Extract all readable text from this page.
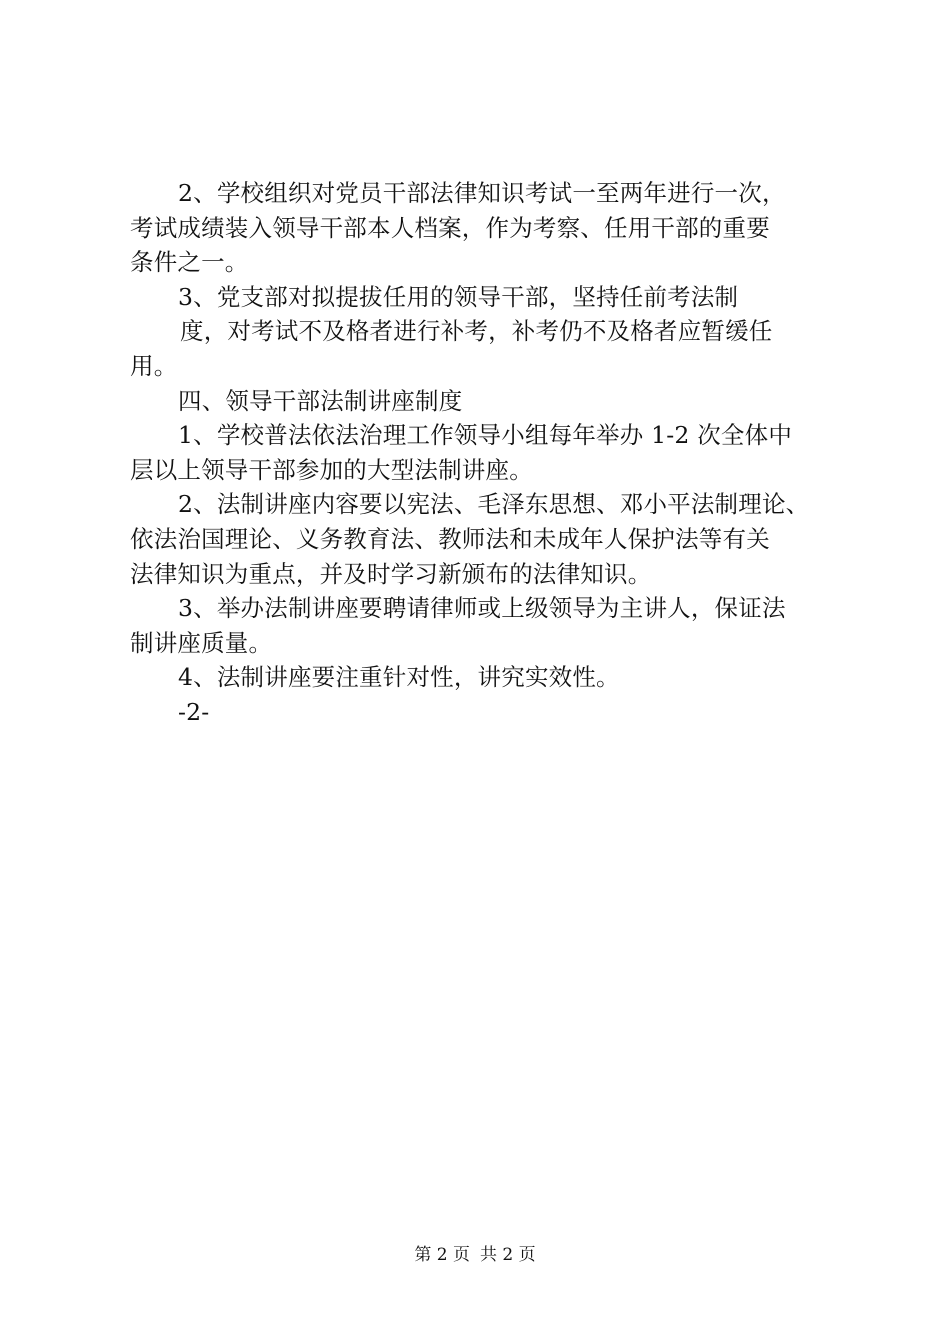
2、学校组织对党员干部法律知识考试一至两年进行一次，
考试成绩装入领导干部本人档案，作为考察、任用干部的重要
条件之一。
3、党支部对拟提拔任用的领导干部，坚持任前考法制
度，对考试不及格者进行补考，补考仍不及格者应暂缓任
用。
四、领导干部法制讲座制度
1、学校普法依法治理工作领导小组每年举办 1-2 次全体中
层以上领导干部参加的大型法制讲座。
2、法制讲座内容要以宪法、毛泽东思想、邓小平法制理论、
依法治国理论、义务教育法、教师法和未成年人保护法等有关
法律知识为重点，并及时学习新颁布的法律知识。
3、举办法制讲座要聘请律师或上级领导为主讲人，保证法
制讲座质量。
4、法制讲座要注重针对性，讲究实效性。
-2-
第 2 页 共 2 页
